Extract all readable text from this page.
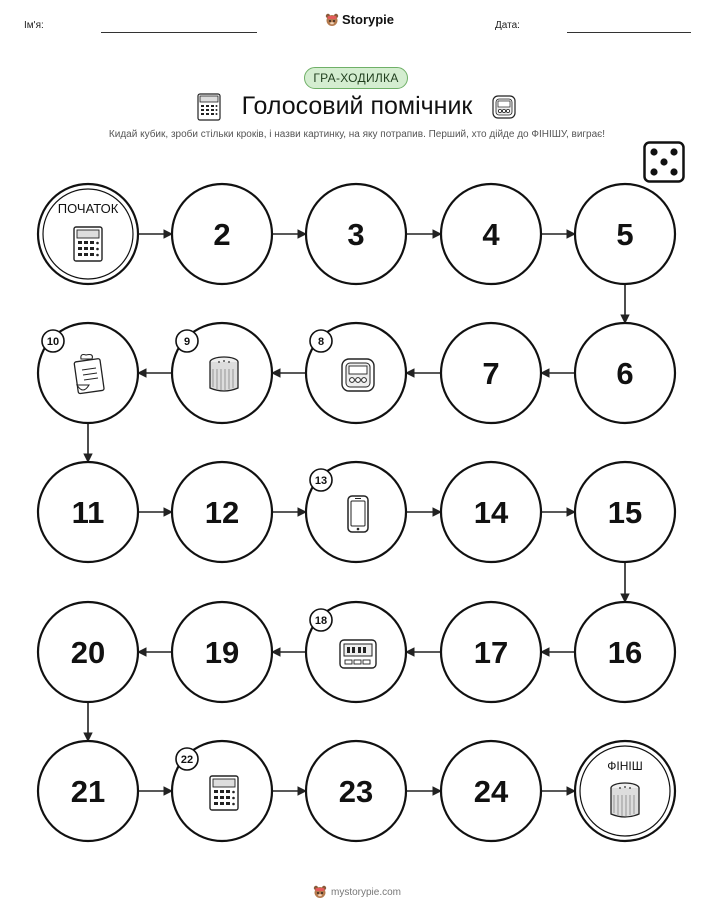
Ім'я:	Storypie	Дата:
ГРА-ХОДИЛКА
Голосовий помічник
Кидай кубик, зроби стільки кроків, і назви картинку, на яку потрапив. Перший, хто дійде до ФІНІШУ, виграє!
ПОЧАТОК
2	3	4	5
6
7
8
9
10
11	12
13
14	15
16
17
18
19
20
21
22
23	24
ФІНІШ
mystorypie.com
